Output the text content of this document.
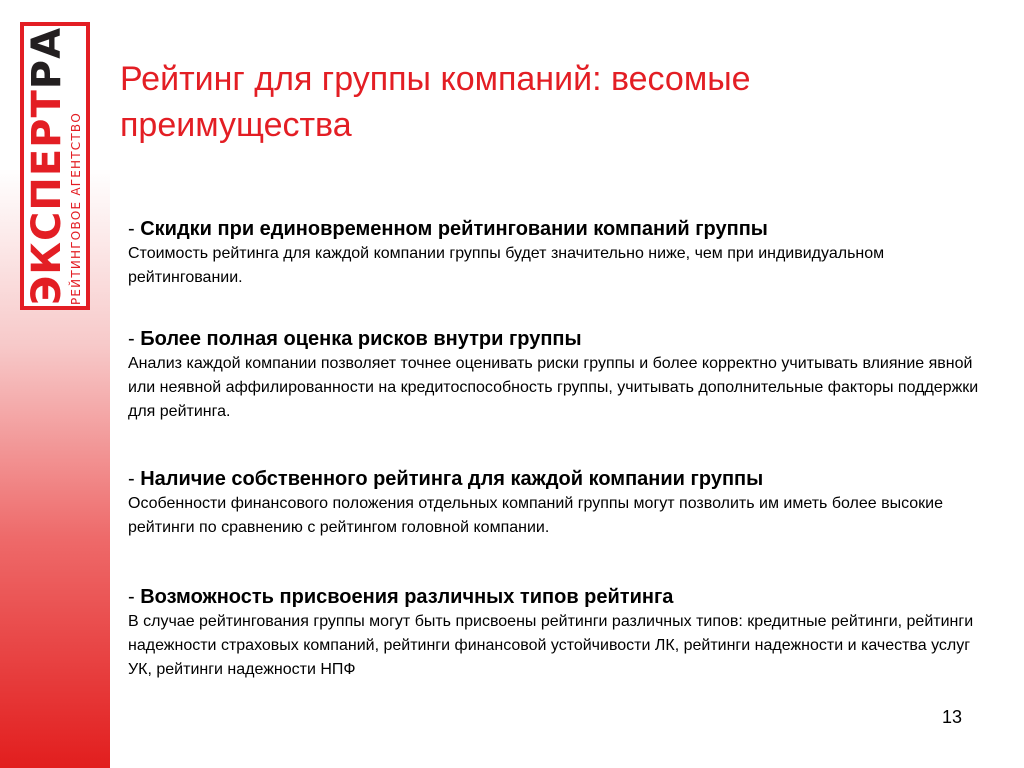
ЭКСПЕРТРА
РЕЙТИНГОВОЕ АГЕНТСТВО
Рейтинг для группы компаний: весомые преимущества
- Скидки при единовременном рейтинговании компаний группы
Стоимость рейтинга для каждой компании группы будет значительно ниже, чем при индивидуальном рейтинговании.
- Более полная оценка рисков внутри группы
Анализ каждой компании позволяет точнее оценивать риски группы и более корректно учитывать влияние явной или неявной аффилированности на кредитоспособность группы, учитывать дополнительные факторы поддержки для рейтинга.
- Наличие собственного рейтинга для каждой компании группы
Особенности финансового положения отдельных компаний группы могут позволить им иметь более высокие рейтинги по сравнению с рейтингом головной компании.
- Возможность присвоения различных типов рейтинга
В случае рейтингования группы могут быть присвоены рейтинги различных типов: кредитные рейтинги, рейтинги надежности страховых компаний, рейтинги финансовой устойчивости ЛК, рейтинги надежности и качества услуг УК, рейтинги надежности НПФ
13
